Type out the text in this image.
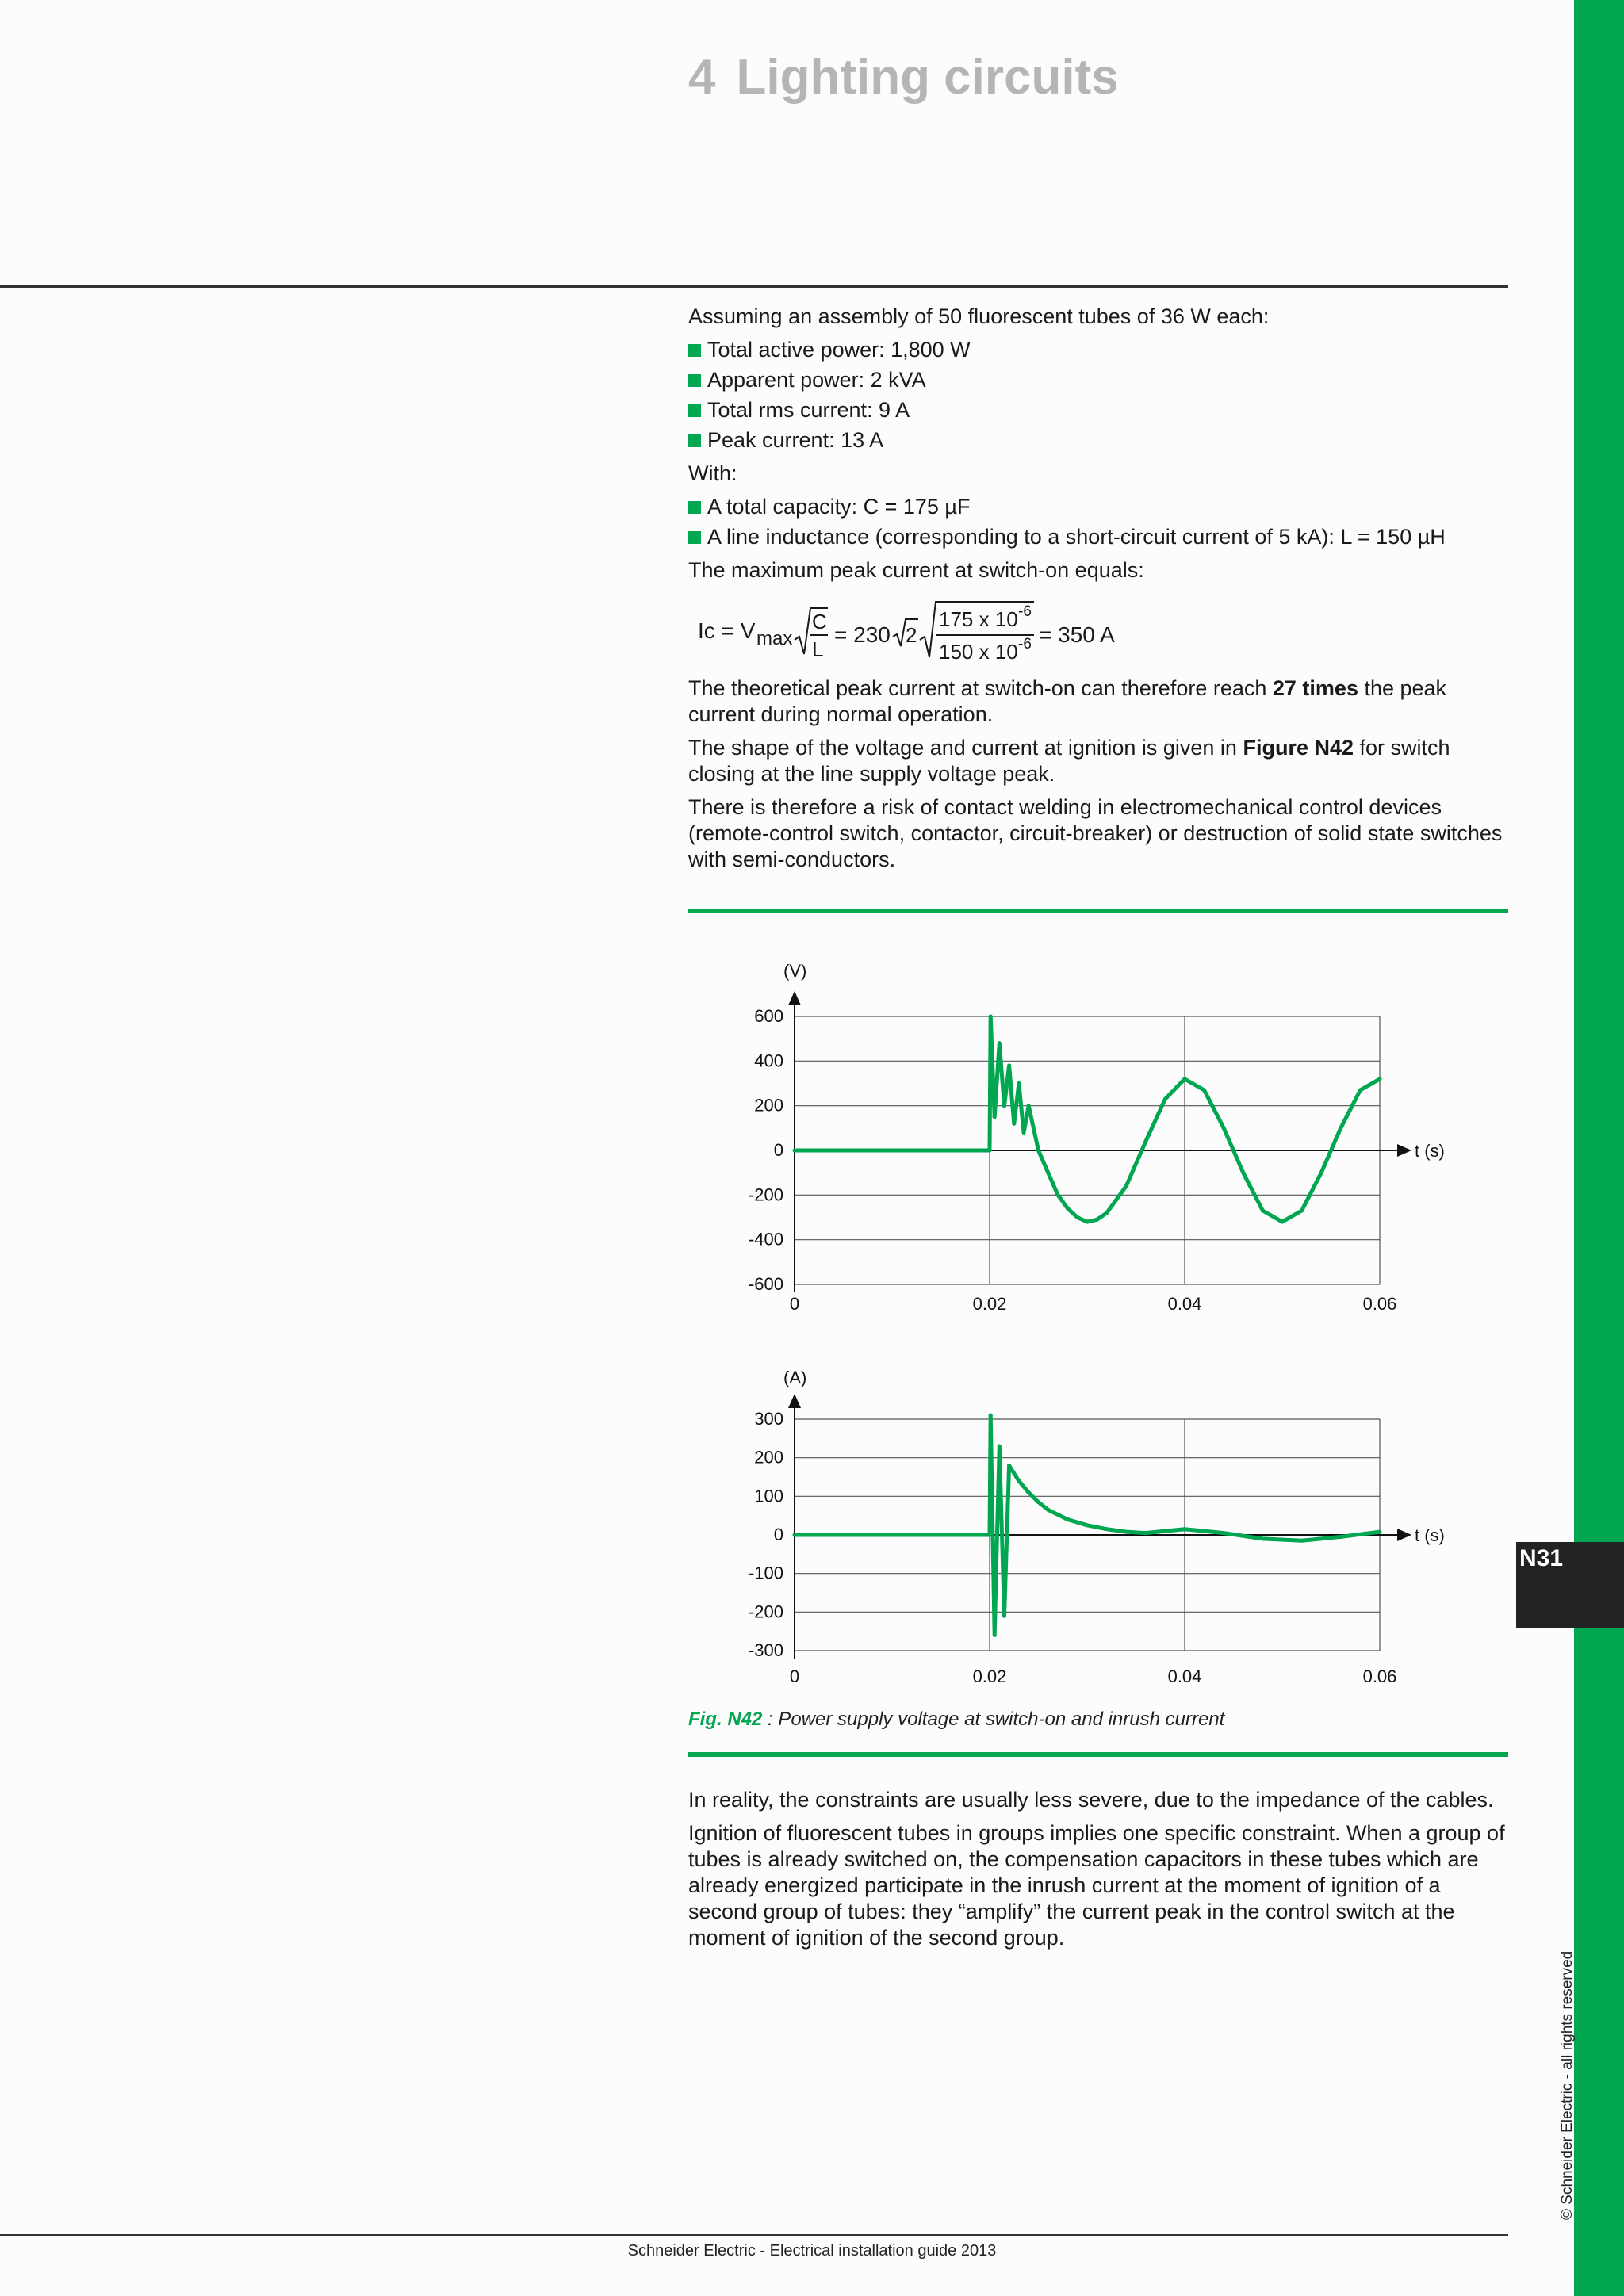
4 Lighting circuits

Assuming an assembly of 50 fluorescent tubes of 36 W each:

Total active power: 1,800 W
Apparent power: 2 kVA
Total rms current: 9 A
Peak current: 13 A

With:

A total capacity: C = 175 µF
A line inductance (corresponding to a short-circuit current of 5 kA): L = 150 µH

The maximum peak current at switch-on equals:

Ic = V max
C
L
= 230 2
175 x 10 -6
150 x 10 -6 = 350 A

The theoretical peak current at switch-on can therefore reach 27 times the peak current during normal operation.

The shape of the voltage and current at ignition is given in Figure N42 for switch closing at the line supply voltage peak.

There is therefore a risk of contact welding in electromechanical control devices (remote-control switch, contactor, circuit-breaker) or destruction of solid state switches with semi-conductors.

600
400
200
0
-200
-400
-600
0	0.02	0.04	0.06
(V)
t (s)
300
200
100
0
-100
-200
-300
0	0.02	0.04	0.06
(A)
t (s)
Fig. N42 : Power supply voltage at switch-on and inrush current

In reality, the constraints are usually less severe, due to the impedance of the cables.

Ignition of fluorescent tubes in groups implies one specific constraint. When a group of tubes is already switched on, the compensation capacitors in these tubes which are already energized participate in the inrush current at the moment of ignition of a second group of tubes: they “amplify” the current peak in the control switch at the moment of ignition of the second group.

Schneider Electric - Electrical installation guide 2013
N31
© Schneider Electric - all rights reserved
